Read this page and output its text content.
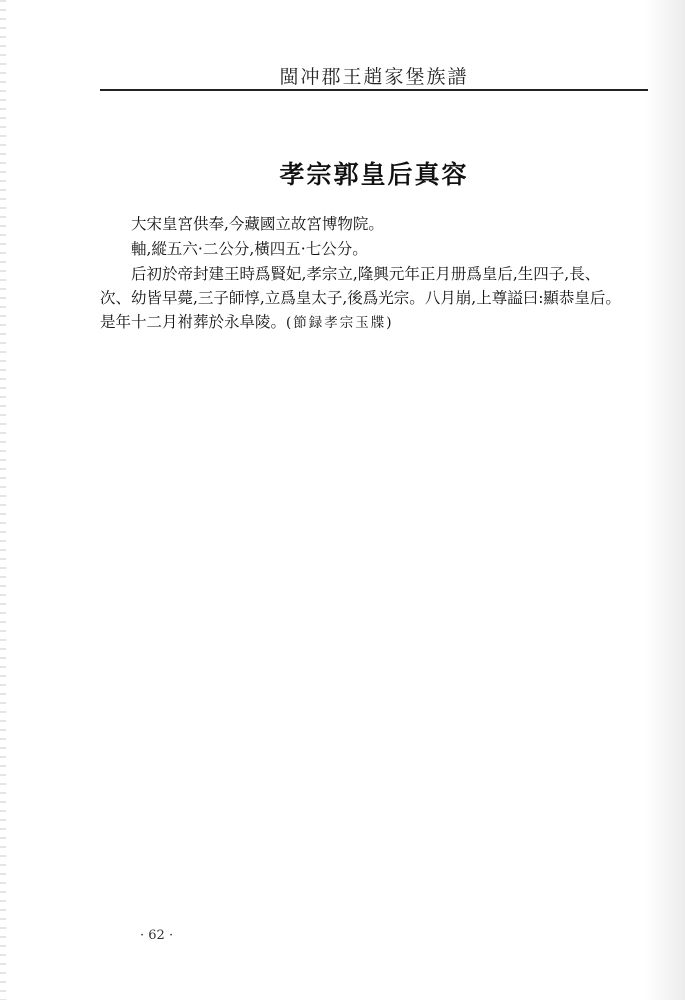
閩冲郡王趙家堡族譜
孝宗郭皇后真容
大宋皇宮供奉,今藏國立故宮博物院。
軸,縱五六·二公分,橫四五·七公分。
后初於帝封建王時爲賢妃,孝宗立,隆興元年正月册爲皇后,生四子,長、
次、幼皆早薨,三子師惇,立爲皇太子,後爲光宗。八月崩,上尊謚曰:顯恭皇后。
是年十二月祔葬於永阜陵。(節録孝宗玉牒)
· 62 ·
